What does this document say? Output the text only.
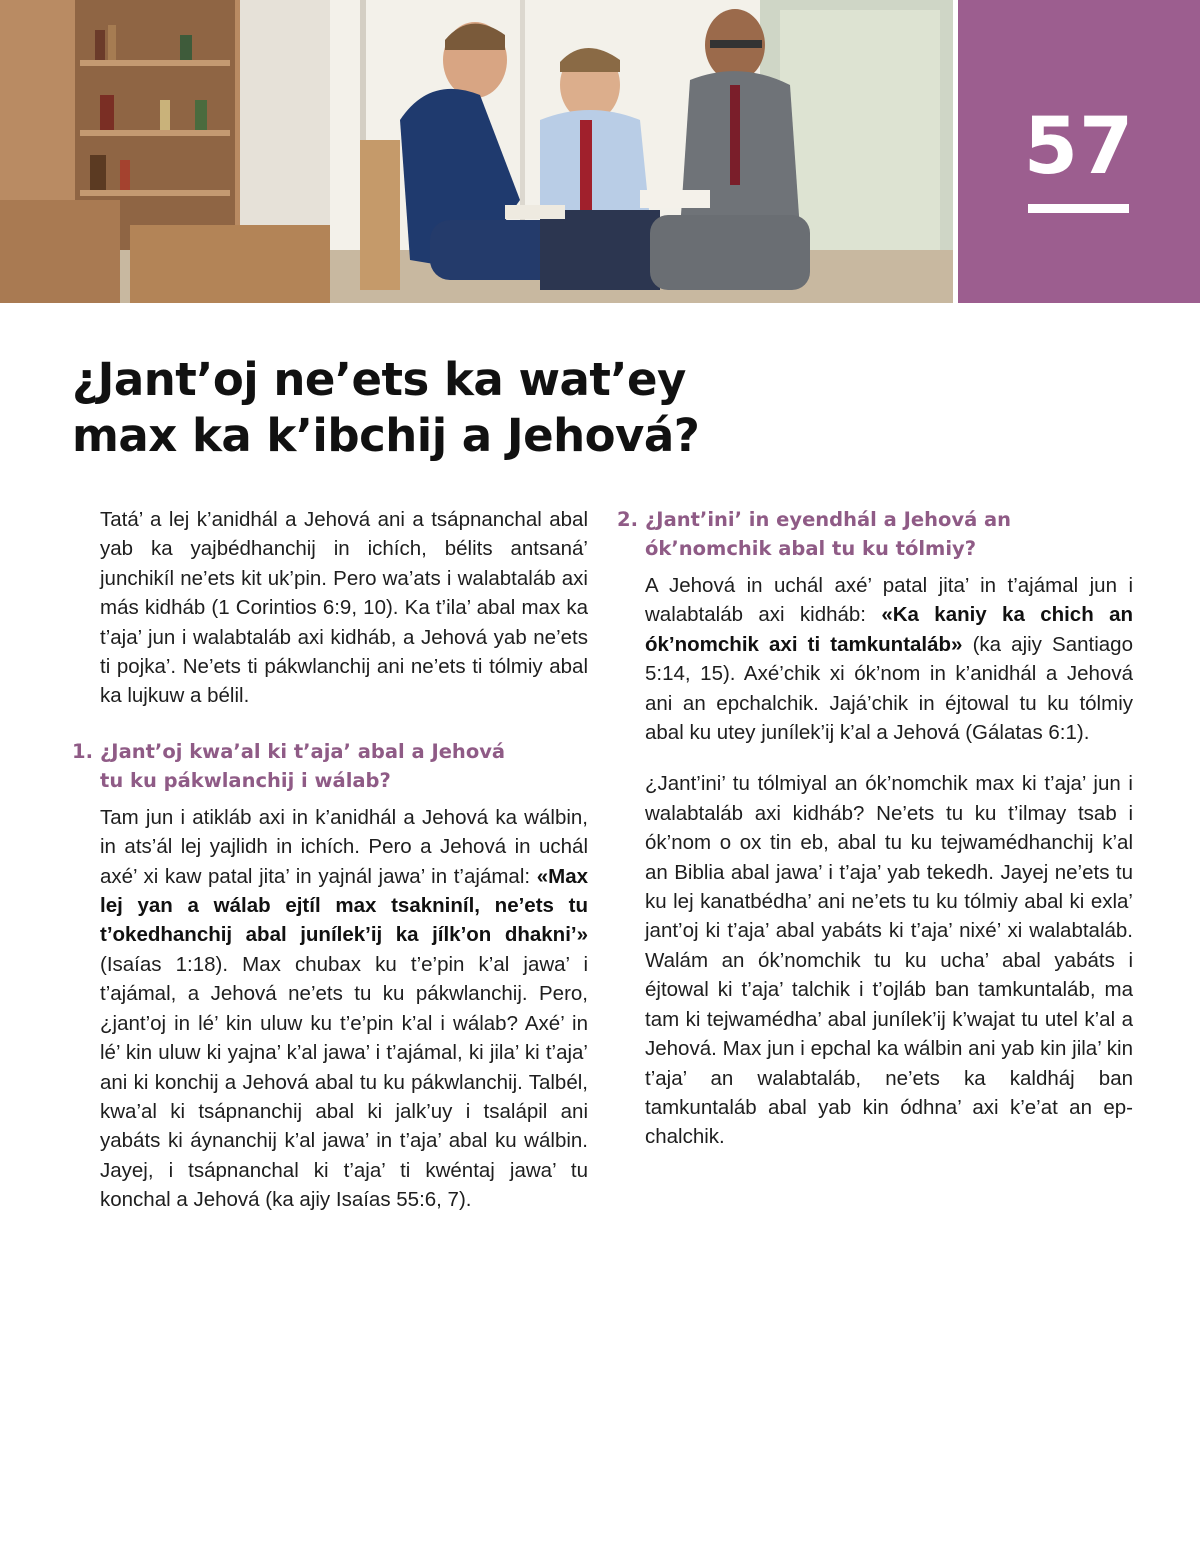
57
¿Jant’oj ne’ets ka wat’ey
max ka k’ibchij a Jehová?

Tatá’ a lej k’anidhál a Jehová ani a tsápnanchal abal yab ka yajbédhanchij in ichích, bélits antsaná’ junchikíl ne’ets kit uk’pin. Pero wa’ats i walabtaláb axi más kidháb (1 Corintios 6:9, 10). Ka t’ila’ abal max ka t’aja’ jun i walabtaláb axi kidháb, a Jehová yab ne’ets ti pojka’. Ne’ets ti pákwlanchij ani ne’ets ti tólmiy abal ka lujkuw a bélil.

1. ¿Jant’oj kwa’al ki t’aja’ abal a Jehová
tu ku pákwlanchij i wálab?

Tam jun i atikláb axi in k’anidhál a Jehová ka wálbin, in ats’ál lej yajlidh in ichích. Pero a Jehová in uchál axé’ xi kaw patal jita’ in yajnál jawa’ in t’ajámal: «Max lej yan a wálab ejtíl max tsakniníl, ne’ets tu t’okedhanchij abal junílek’ij ka jílk’on dhakni’» (Isaías 1:18). Max chubax ku t’e’pin k’al jawa’ i t’ajámal, a Jehová ne’ets tu ku pákwlanchij. Pero, ¿jant’oj in lé’ kin uluw ku t’e’pin k’al i wálab? Axé’ in lé’ kin uluw ki yajna’ k’al jawa’ i t’ajámal, ki jila’ ki t’aja’ ani ki konchij a Jehová abal tu ku pákwlanchij. Talbél, kwa’al ki tsápnanchij abal ki jalk’uy i tsalápil ani yabáts ki áynanchij k’al jawa’ in t’aja’ abal ku wálbin. Jayej, i tsápnanchal ki t’aja’ ti kwéntaj jawa’ tu konchal a Jehová (ka ajiy Isaías 55:6, 7).

2. ¿Jant’ini’ in eyendhál a Jehová an
ók’nomchik abal tu ku tólmiy?

A Jehová in uchál axé’ patal jita’ in t’ajámal jun i walabtaláb axi kidháb: «Ka kaniy ka chich an ók’nomchik axi ti tamkuntaláb» (ka ajiy Santiago 5:14, 15). Axé’chik xi ók’nom in k’anidhál a Jehová ani an epchalchik. Jajá’chik in éjtowal tu ku tólmiy abal ku utey junílek’ij k’al a Jehová (Gálatas 6:1).

¿Jant’ini’ tu tólmiyal an ók’nomchik max ki t’aja’ jun i walabtaláb axi kidháb? Ne’ets tu ku t’ilmay tsab i ók’nom o ox tin eb, abal tu ku tejwamédhanchij k’al an Biblia abal jawa’ i t’aja’ yab tekedh. Jayej ne’ets tu ku lej kanatbédha’ ani ne’ets tu ku tólmiy abal ki exla’ jant’oj ki t’aja’ abal yabáts ki t’aja’ nixé’ xi walabtaláb. Walám an ók’nomchik tu ku ucha’ abal yabáts i éjtowal ki t’aja’ talchik i t’ojláb ban tamkuntaláb, ma tam ki tejwamédha’ abal junílek’ij k’wajat tu utel k’al a Jehová. Max jun i epchal ka wálbin ani yab kin jila’ kin t’aja’ an walabtaláb, ne’ets ka kaldháj ban tamkuntaláb abal yab kin ódhna’ axi k’e’at an epchalchik.
